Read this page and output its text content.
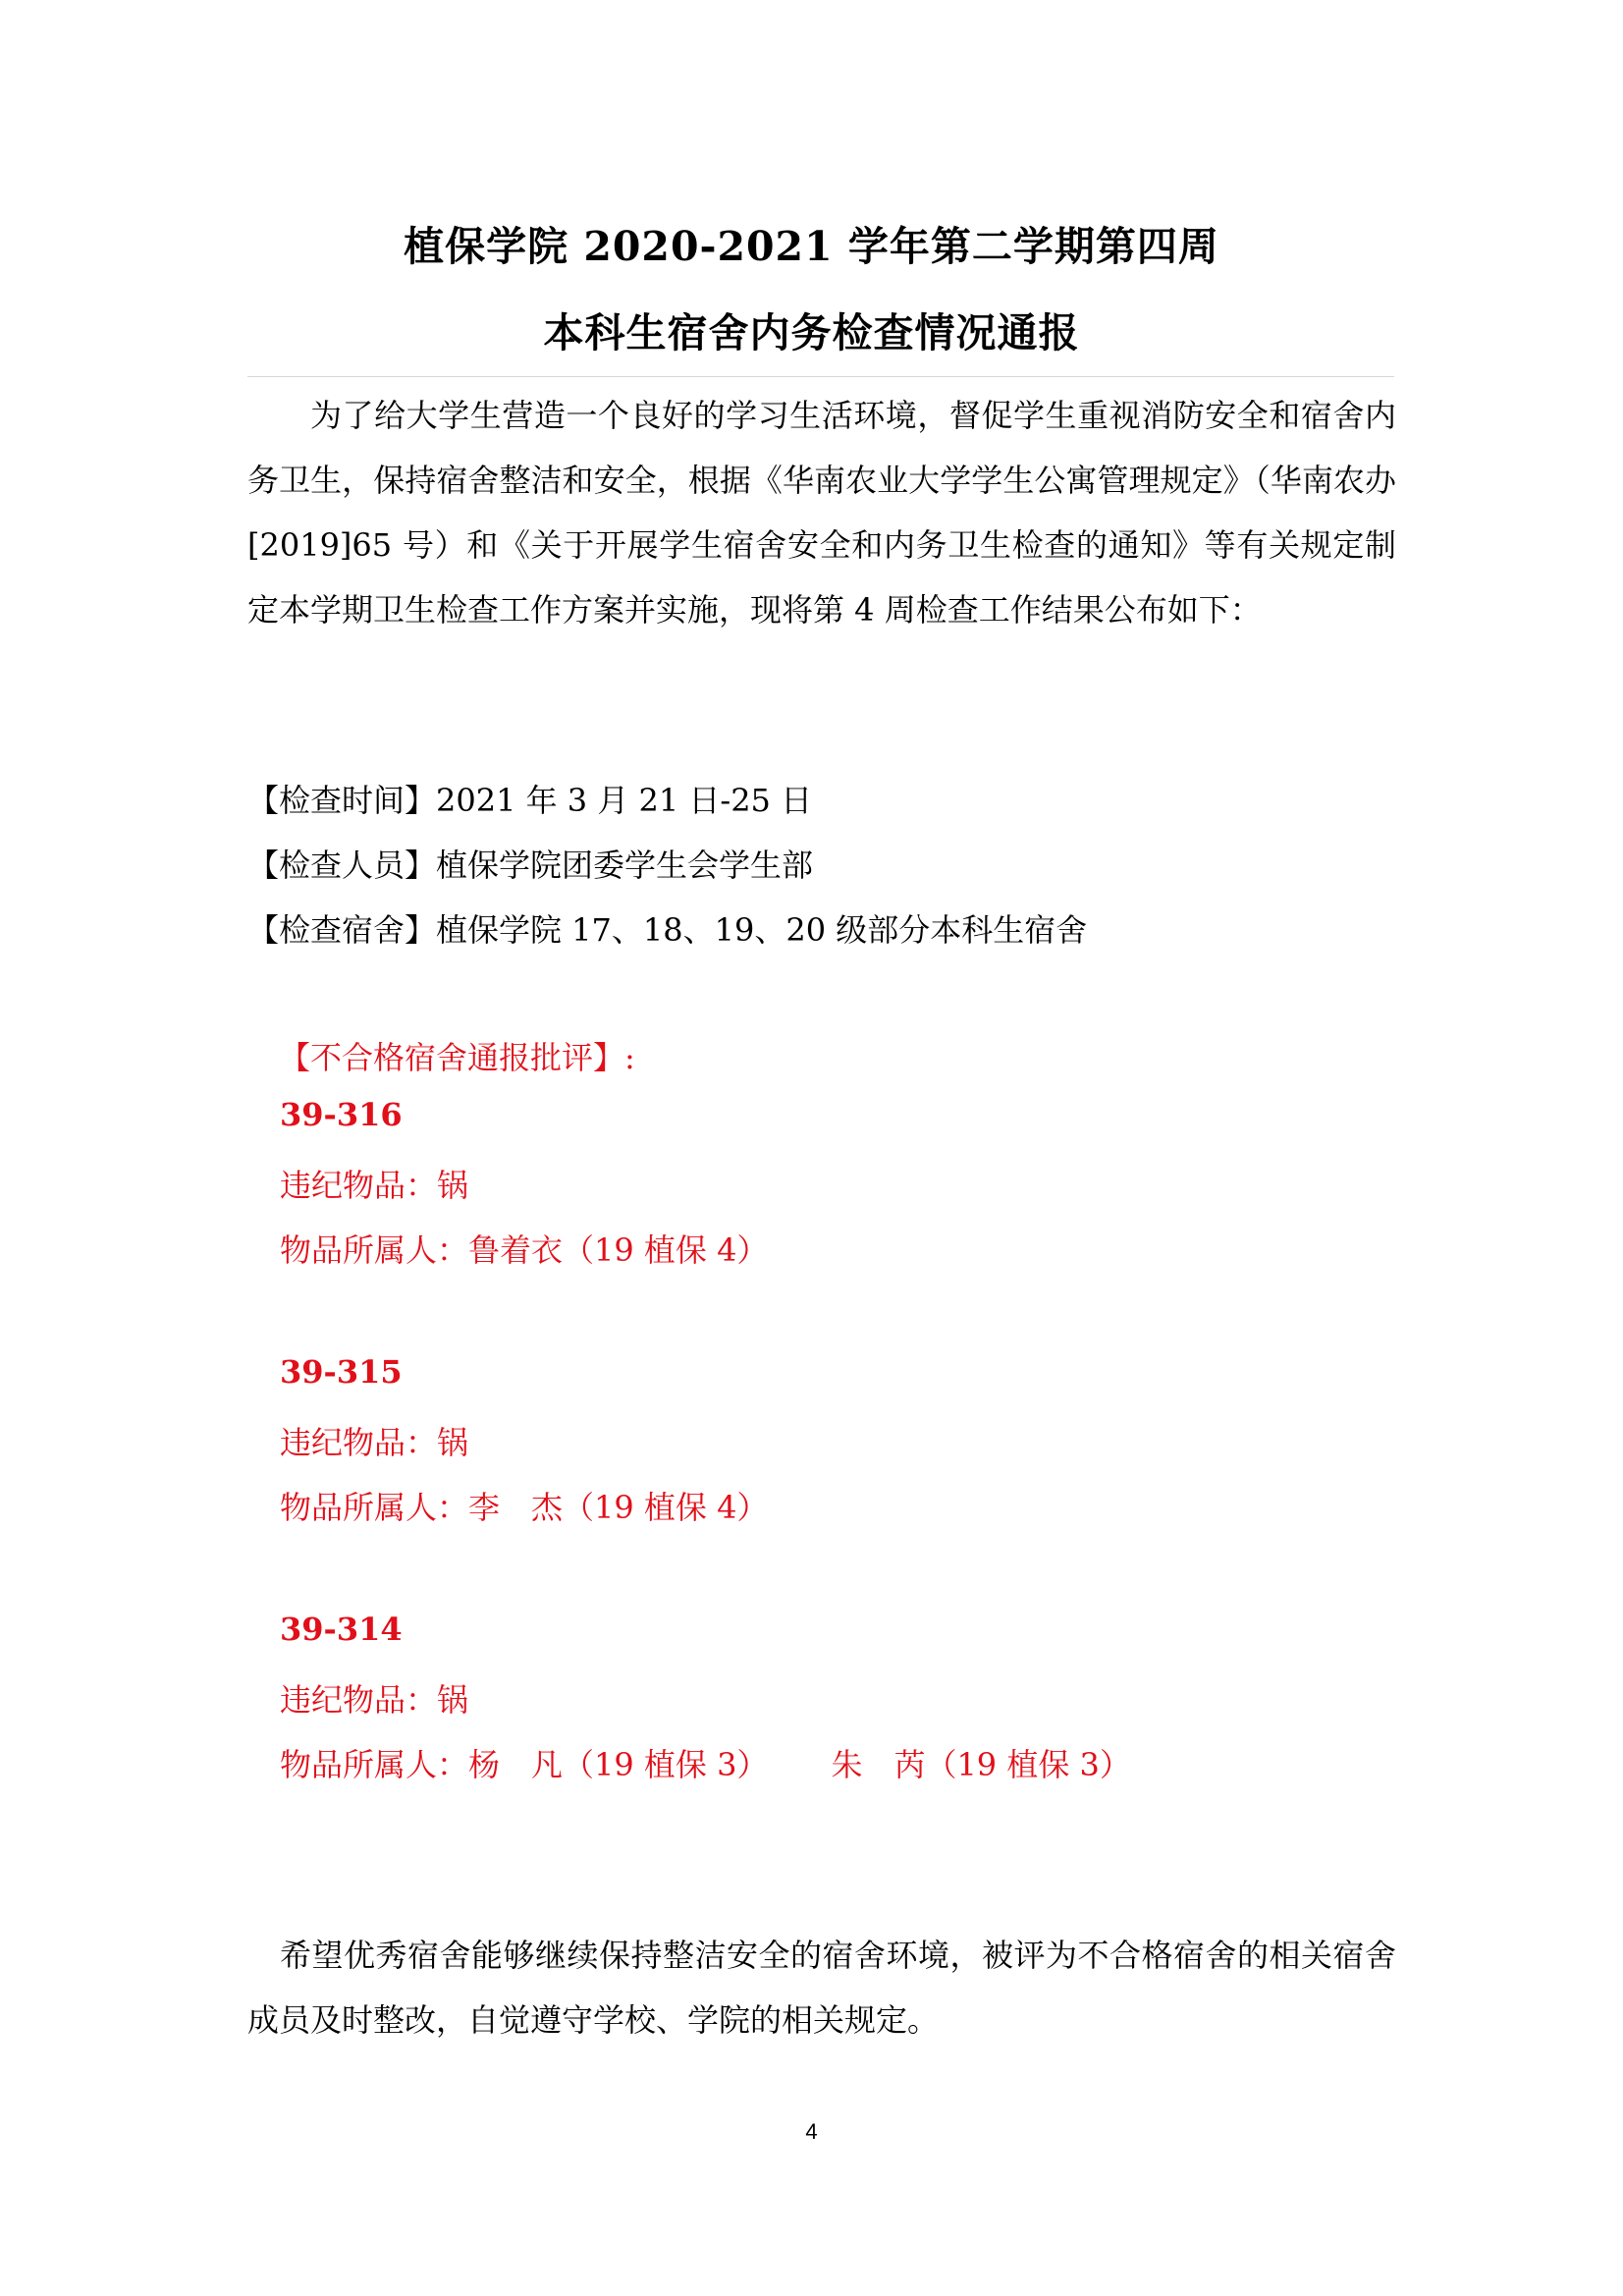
植保学院 2020-2021 学年第二学期第四周
本科生宿舍内务检查情况通报
为了给大学生营造一个良好的学习生活环境，督促学生重视消防安全和宿舍内务卫生，保持宿舍整洁和安全，根据《华南农业大学学生公寓管理规定》（华南农办[2019]65 号）和《关于开展学生宿舍安全和内务卫生检查的通知》等有关规定制定本学期卫生检查工作方案并实施，现将第 4 周检查工作结果公布如下：
【检查时间】2021 年 3 月 21 日-25 日
【检查人员】植保学院团委学生会学生部
【检查宿舍】植保学院 17、18、19、20 级部分本科生宿舍
【不合格宿舍通报批评】:
39-316
违纪物品：锅
物品所属人：鲁着衣（19 植保 4）
39-315
违纪物品：锅
物品所属人：李　杰（19 植保 4）
39-314
违纪物品：锅
物品所属人：杨　凡（19 植保 3） 朱　芮（19 植保 3）
希望优秀宿舍能够继续保持整洁安全的宿舍环境，被评为不合格宿舍的相关宿舍成员及时整改，自觉遵守学校、学院的相关规定。
4
